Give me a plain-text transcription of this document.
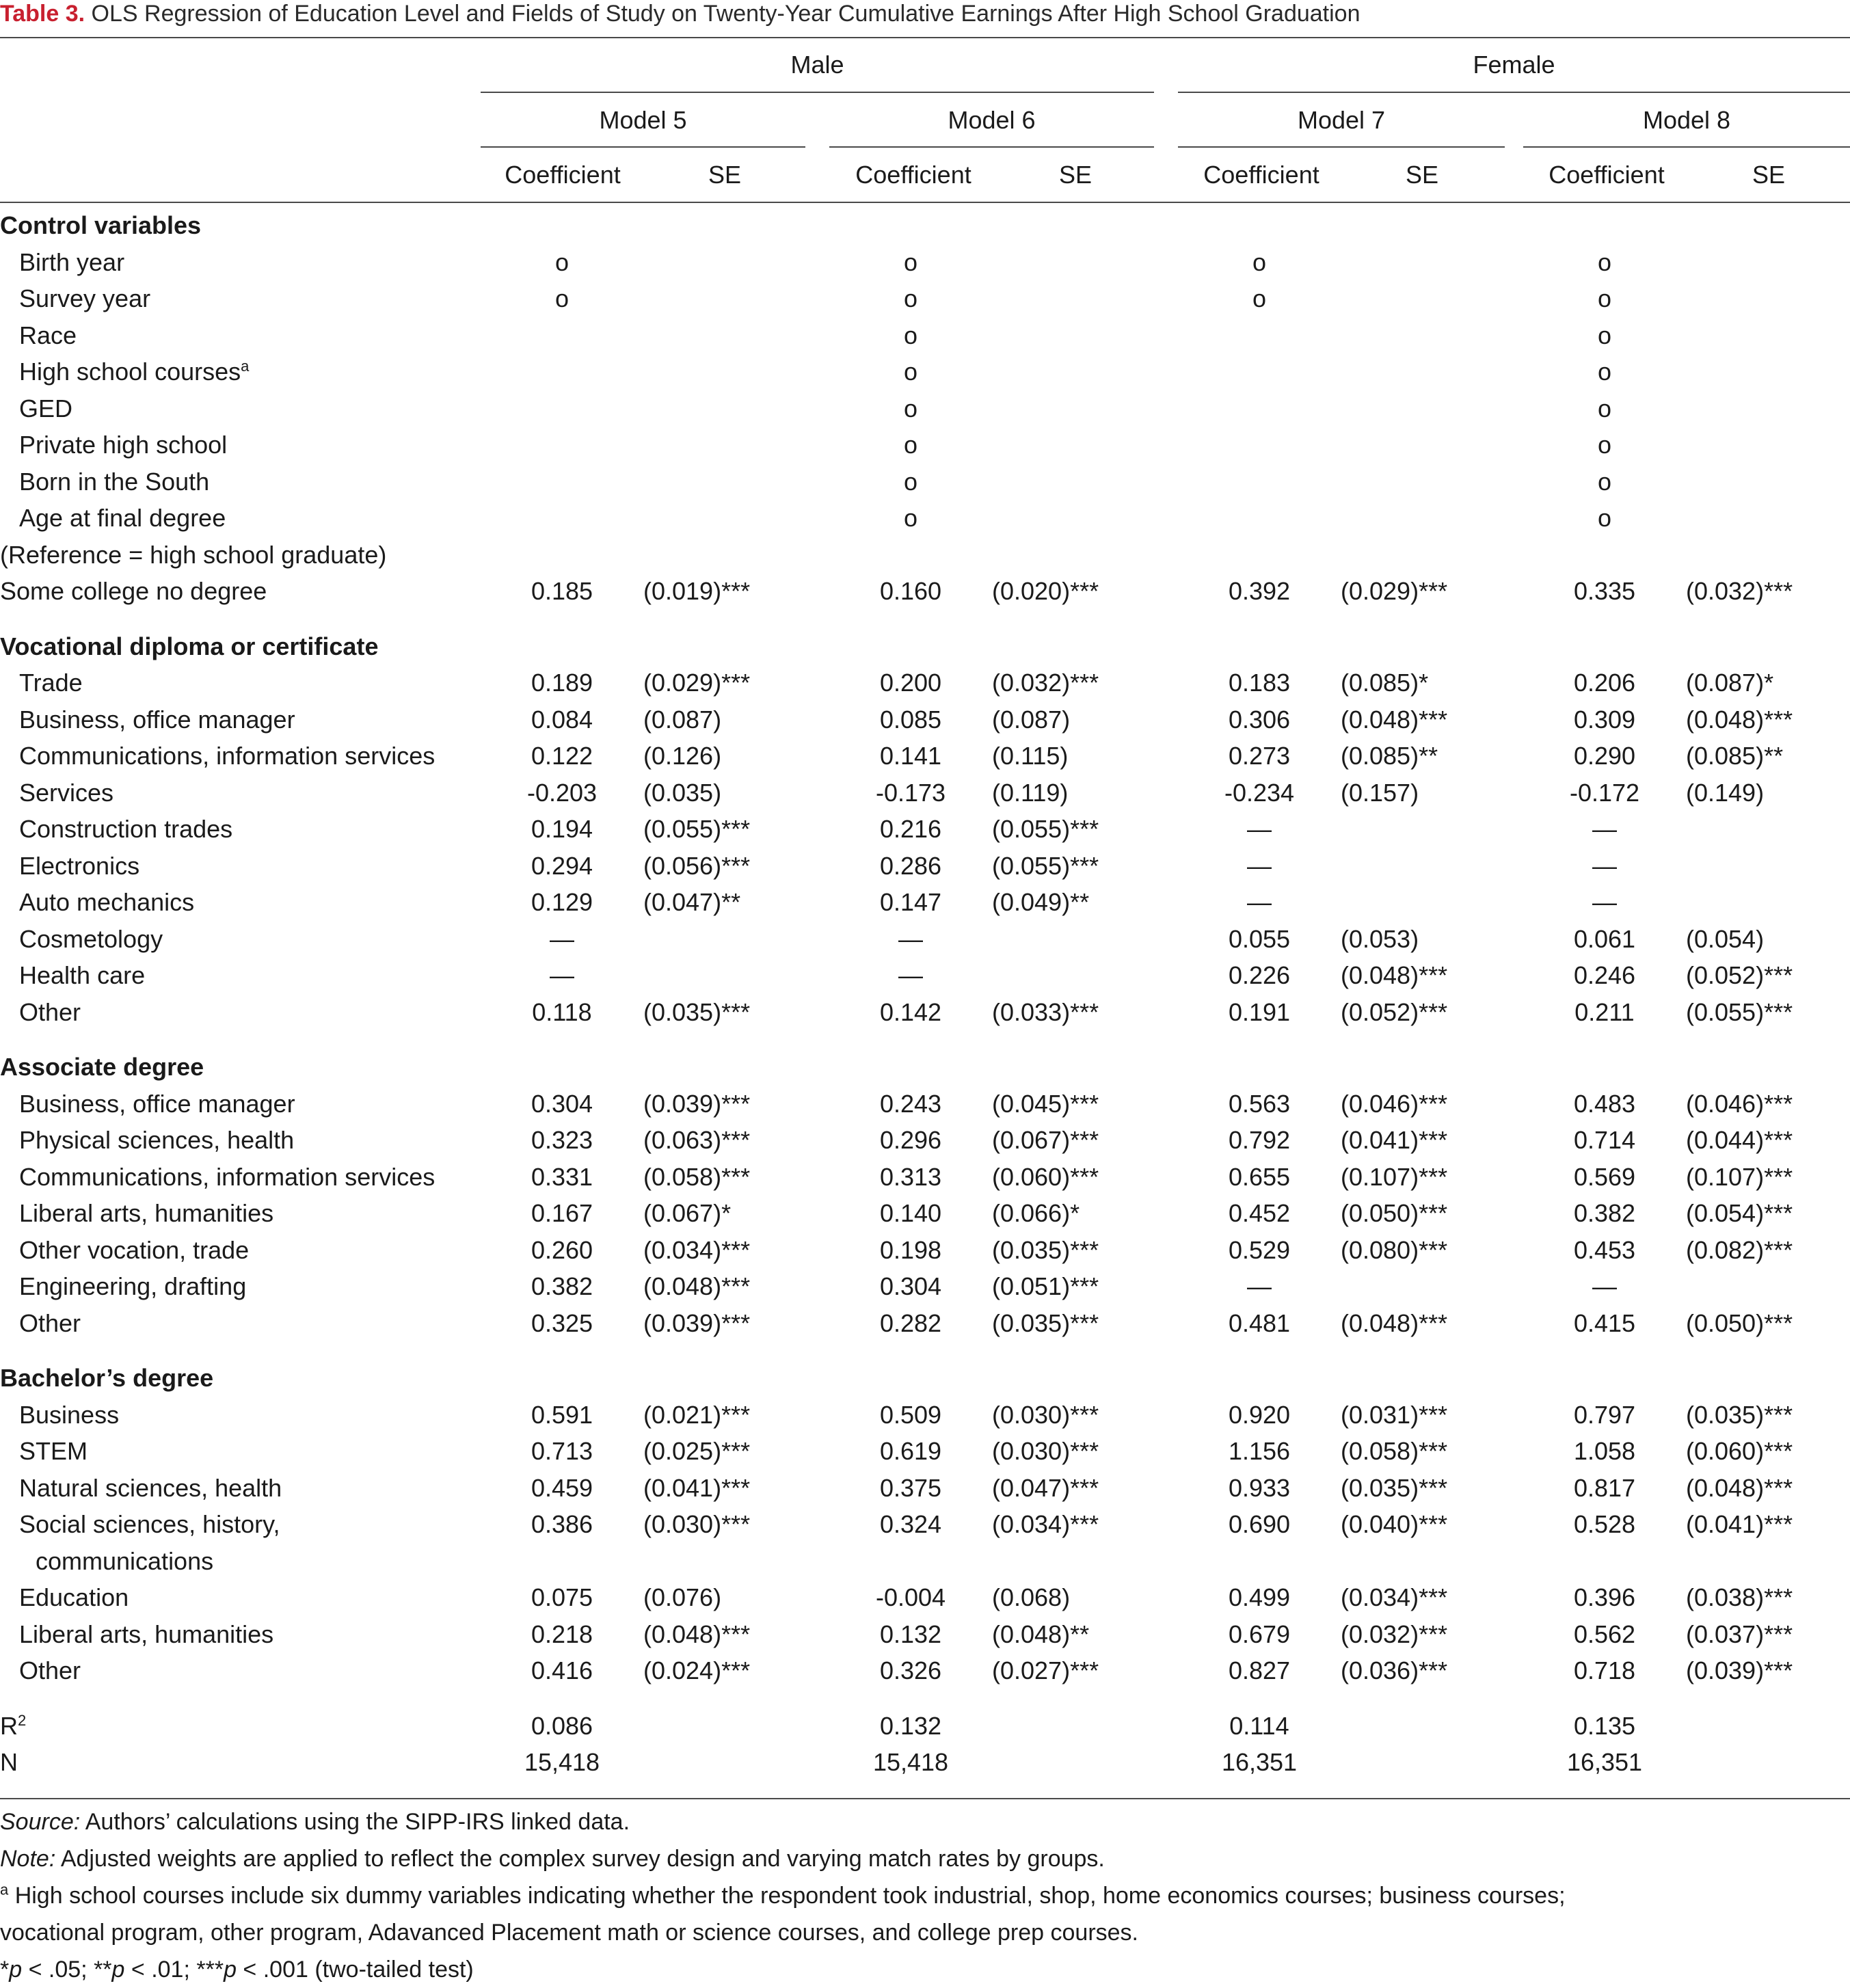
Table 3. OLS Regression of Education Level and Fields of Study on Twenty-Year Cumulative Earnings After High School Graduation
Male	Female
Model 5	Model 6	Model 7	Model 8
Coefficient	SE	Coefficient	SE	Coefficient	SE	Coefficient	SE
Control variables								
Birth year	o		o		o		o	
Survey year	o		o		o		o	
Race			o				o	
High school courses$^a$			o				o	
GED			o				o	
Private high school			o				o	
Born in the South			o				o	
Age at final degree			o				o	
(Reference = high school graduate)								
Some college no degree	0.185	(0.019)***	0.160	(0.020)***	0.392	(0.029)***	0.335	(0.032)***

Vocational diploma or certificate								
Trade	0.189	(0.029)***	0.200	(0.032)***	0.183	(0.085)*	0.206	(0.087)*
Business, office manager	0.084	(0.087)	0.085	(0.087)	0.306	(0.048)***	0.309	(0.048)***
Communications, information services	0.122	(0.126)	0.141	(0.115)	0.273	(0.085)**	0.290	(0.085)**
Services	-0.203	(0.035)	-0.173	(0.119)	-0.234	(0.157)	-0.172	(0.149)
Construction trades	0.194	(0.055)***	0.216	(0.055)***	—		—	
Electronics	0.294	(0.056)***	0.286	(0.055)***	—		—	
Auto mechanics	0.129	(0.047)**	0.147	(0.049)**	—		—	
Cosmetology	—		—		0.055	(0.053)	0.061	(0.054)
Health care	—		—		0.226	(0.048)***	0.246	(0.052)***
Other	0.118	(0.035)***	0.142	(0.033)***	0.191	(0.052)***	0.211	(0.055)***

Associate degree								
Business, office manager	0.304	(0.039)***	0.243	(0.045)***	0.563	(0.046)***	0.483	(0.046)***
Physical sciences, health	0.323	(0.063)***	0.296	(0.067)***	0.792	(0.041)***	0.714	(0.044)***
Communications, information services	0.331	(0.058)***	0.313	(0.060)***	0.655	(0.107)***	0.569	(0.107)***
Liberal arts, humanities	0.167	(0.067)*	0.140	(0.066)*	0.452	(0.050)***	0.382	(0.054)***
Other vocation, trade	0.260	(0.034)***	0.198	(0.035)***	0.529	(0.080)***	0.453	(0.082)***
Engineering, drafting	0.382	(0.048)***	0.304	(0.051)***	—		—	
Other	0.325	(0.039)***	0.282	(0.035)***	0.481	(0.048)***	0.415	(0.050)***

Bachelor’s degree								
Business	0.591	(0.021)***	0.509	(0.030)***	0.920	(0.031)***	0.797	(0.035)***
STEM	0.713	(0.025)***	0.619	(0.030)***	1.156	(0.058)***	1.058	(0.060)***
Natural sciences, health	0.459	(0.041)***	0.375	(0.047)***	0.933	(0.035)***	0.817	(0.048)***
Social sciences, history,	0.386	(0.030)***	0.324	(0.034)***	0.690	(0.040)***	0.528	(0.041)***
communications								
Education	0.075	(0.076)	-0.004	(0.068)	0.499	(0.034)***	0.396	(0.038)***
Liberal arts, humanities	0.218	(0.048)***	0.132	(0.048)**	0.679	(0.032)***	0.562	(0.037)***
Other	0.416	(0.024)***	0.326	(0.027)***	0.827	(0.036)***	0.718	(0.039)***

$R^2$	0.086		0.132		0.114		0.135	
N	15,418		15,418		16,351		16,351	

Source: Authors’ calculations using the SIPP-IRS linked data.

Note: Adjusted weights are applied to reflect the complex survey design and varying match rates by groups.

$^a$ High school courses include six dummy variables indicating whether the respondent took industrial, shop, home economics courses; business courses;

vocational program, other program, Adavanced Placement math or science courses, and college prep courses.

*p < .05; **p < .01; ***p < .001 (two-tailed test)
